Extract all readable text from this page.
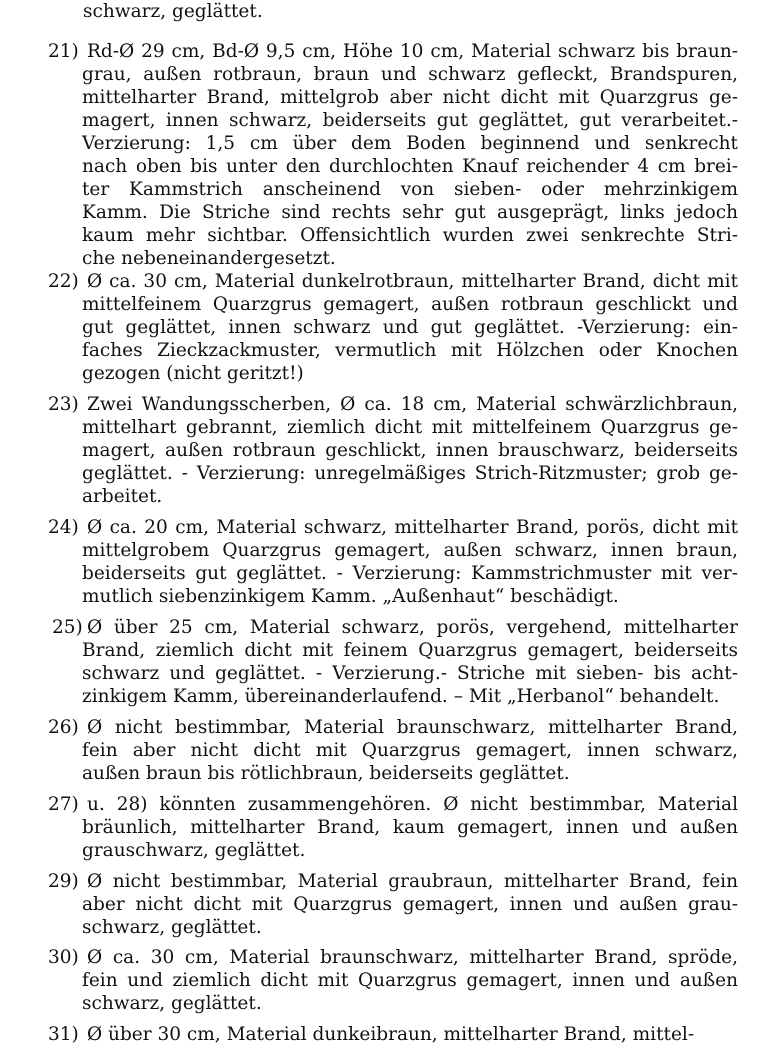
schwarz, geglättet.
21) Rd-Ø 29 cm, Bd-Ø 9,5 cm, Höhe 10 cm, Material schwarz bis braun-
grau, außen rotbraun, braun und schwarz gefleckt, Brandspuren,
mittelharter Brand, mittelgrob aber nicht dicht mit Quarzgrus ge-
magert, innen schwarz, beiderseits gut geglättet, gut verarbeitet.-
Verzierung: 1,5 cm über dem Boden beginnend und senkrecht
nach oben bis unter den durchlochten Knauf reichender 4 cm brei-
ter Kammstrich anscheinend von sieben- oder mehrzinkigem
Kamm. Die Striche sind rechts sehr gut ausgeprägt, links jedoch
kaum mehr sichtbar. Offensichtlich wurden zwei senkrechte Stri-
che nebeneinandergesetzt.
22) Ø ca. 30 cm, Material dunkelrotbraun, mittelharter Brand, dicht mit
mittelfeinem Quarzgrus gemagert, außen rotbraun geschlickt und
gut geglättet, innen schwarz und gut geglättet. -Verzierung: ein-
faches Zieckzackmuster, vermutlich mit Hölzchen oder Knochen
gezogen (nicht geritzt!)
23) Zwei Wandungsscherben, Ø ca. 18 cm, Material schwärzlichbraun,
mittelhart gebrannt, ziemlich dicht mit mittelfeinem Quarzgrus ge-
magert, außen rotbraun geschlickt, innen brauschwarz, beiderseits
geglättet. - Verzierung: unregelmäßiges Strich-Ritzmuster; grob ge-
arbeitet.
24) Ø ca. 20 cm, Material schwarz, mittelharter Brand, porös, dicht mit
mittelgrobem Quarzgrus gemagert, außen schwarz, innen braun,
beiderseits gut geglättet. - Verzierung: Kammstrichmuster mit ver-
mutlich siebenzinkigem Kamm. „Außenhaut“ beschädigt.
25) Ø über 25 cm, Material schwarz, porös, vergehend, mittelharter
Brand, ziemlich dicht mit feinem Quarzgrus gemagert, beiderseits
schwarz und geglättet. - Verzierung.- Striche mit sieben- bis acht-
zinkigem Kamm, übereinanderlaufend. – Mit „Herbanol“ behandelt.
26) Ø nicht bestimmbar, Material braunschwarz, mittelharter Brand,
fein aber nicht dicht mit Quarzgrus gemagert, innen schwarz,
außen braun bis rötlichbraun, beiderseits geglättet.
27) u. 28) könnten zusammengehören. Ø nicht bestimmbar, Material
bräunlich, mittelharter Brand, kaum gemagert, innen und außen
grauschwarz, geglättet.
29) Ø nicht bestimmbar, Material graubraun, mittelharter Brand, fein
aber nicht dicht mit Quarzgrus gemagert, innen und außen grau-
schwarz, geglättet.
30) Ø ca. 30 cm, Material braunschwarz, mittelharter Brand, spröde,
fein und ziemlich dicht mit Quarzgrus gemagert, innen und außen
schwarz, geglättet.
31) Ø über 30 cm, Material dunkeibraun, mittelharter Brand, mittel-
